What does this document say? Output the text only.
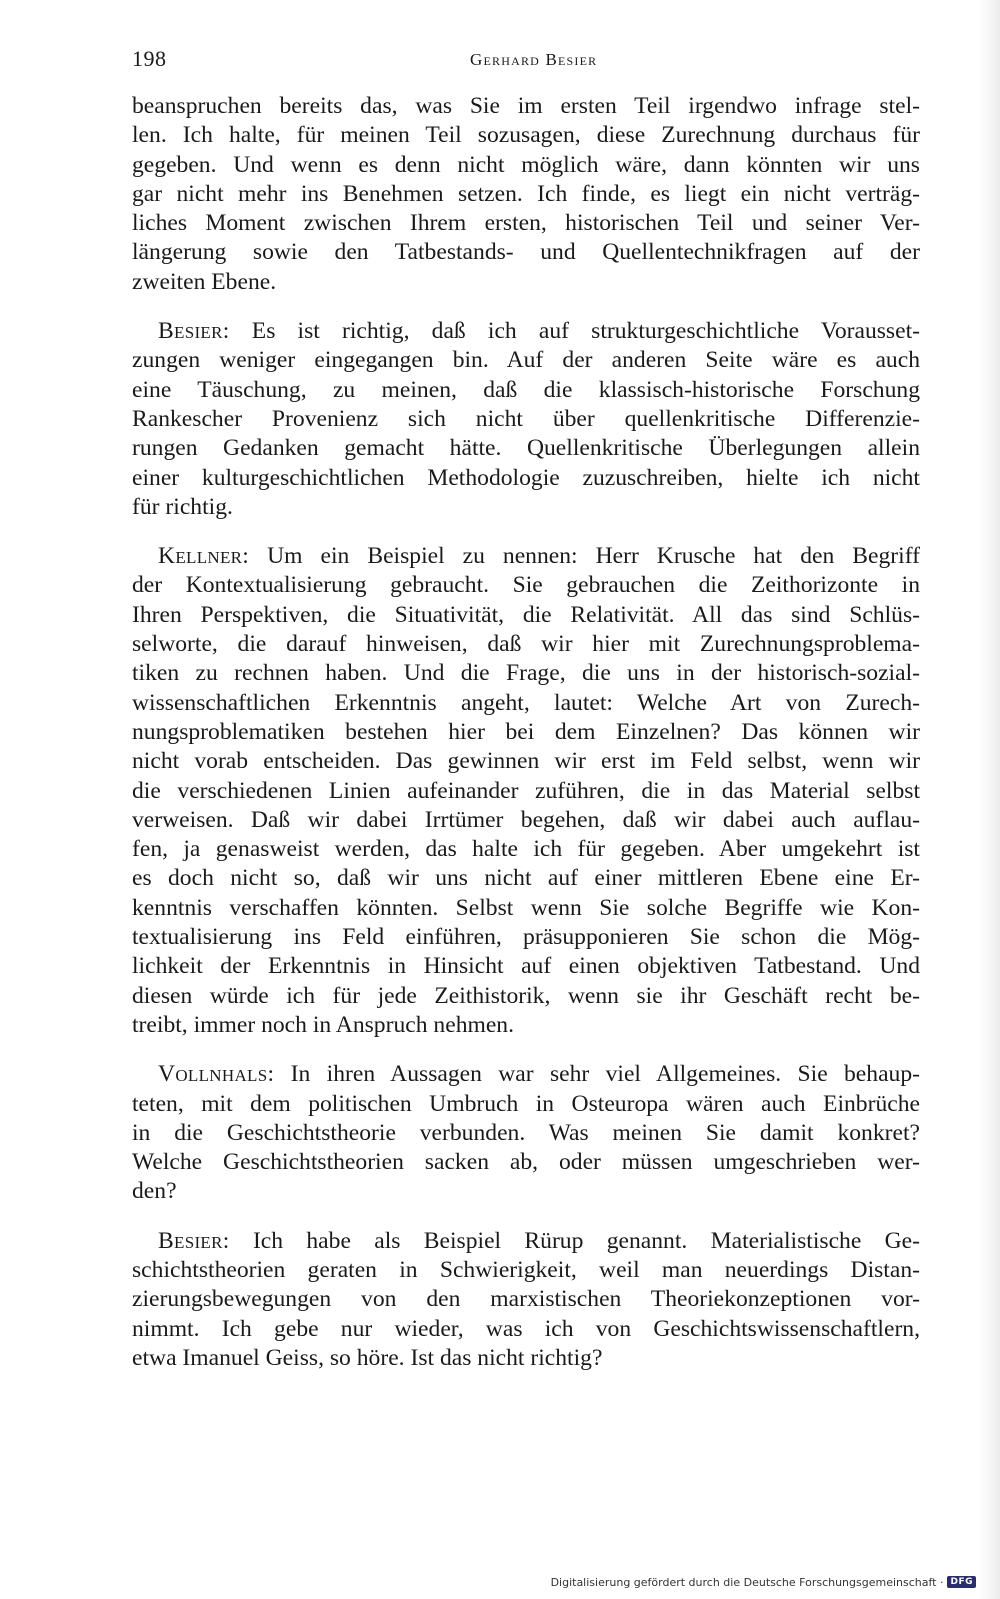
198	Gerhard Besier
beanspruchen bereits das, was Sie im ersten Teil irgendwo infrage stel-
len. Ich halte, für meinen Teil sozusagen, diese Zurechnung durchaus für
gegeben. Und wenn es denn nicht möglich wäre, dann könnten wir uns
gar nicht mehr ins Benehmen setzen. Ich finde, es liegt ein nicht verträg-
liches Moment zwischen Ihrem ersten, historischen Teil und seiner Ver-
längerung sowie den Tatbestands- und Quellentechnikfragen auf der
zweiten Ebene.
Besier: Es ist richtig, daß ich auf strukturgeschichtliche Vorausset-
zungen weniger eingegangen bin. Auf der anderen Seite wäre es auch
eine Täuschung, zu meinen, daß die klassisch-historische Forschung
Rankescher Provenienz sich nicht über quellenkritische Differenzie-
rungen Gedanken gemacht hätte. Quellenkritische Überlegungen allein
einer kulturgeschichtlichen Methodologie zuzuschreiben, hielte ich nicht
für richtig.
Kellner: Um ein Beispiel zu nennen: Herr Krusche hat den Begriff
der Kontextualisierung gebraucht. Sie gebrauchen die Zeithorizonte in
Ihren Perspektiven, die Situativität, die Relativität. All das sind Schlüs-
selworte, die darauf hinweisen, daß wir hier mit Zurechnungsproblema-
tiken zu rechnen haben. Und die Frage, die uns in der historisch-sozial-
wissenschaftlichen Erkenntnis angeht, lautet: Welche Art von Zurech-
nungsproblematiken bestehen hier bei dem Einzelnen? Das können wir
nicht vorab entscheiden. Das gewinnen wir erst im Feld selbst, wenn wir
die verschiedenen Linien aufeinander zuführen, die in das Material selbst
verweisen. Daß wir dabei Irrtümer begehen, daß wir dabei auch auflau-
fen, ja genasweist werden, das halte ich für gegeben. Aber umgekehrt ist
es doch nicht so, daß wir uns nicht auf einer mittleren Ebene eine Er-
kenntnis verschaffen könnten. Selbst wenn Sie solche Begriffe wie Kon-
textualisierung ins Feld einführen, präsupponieren Sie schon die Mög-
lichkeit der Erkenntnis in Hinsicht auf einen objektiven Tatbestand. Und
diesen würde ich für jede Zeithistorik, wenn sie ihr Geschäft recht be-
treibt, immer noch in Anspruch nehmen.
Vollnhals: In ihren Aussagen war sehr viel Allgemeines. Sie behaup-
teten, mit dem politischen Umbruch in Osteuropa wären auch Einbrüche
in die Geschichtstheorie verbunden. Was meinen Sie damit konkret?
Welche Geschichtstheorien sacken ab, oder müssen umgeschrieben wer-
den?
Besier: Ich habe als Beispiel Rürup genannt. Materialistische Ge-
schichtstheorien geraten in Schwierigkeit, weil man neuerdings Distan-
zierungsbewegungen von den marxistischen Theoriekonzeptionen vor-
nimmt. Ich gebe nur wieder, was ich von Geschichtswissenschaftlern,
etwa Imanuel Geiss, so höre. Ist das nicht richtig?
Digitalisierung gefördert durch die Deutsche Forschungsgemeinschaft · DFG
